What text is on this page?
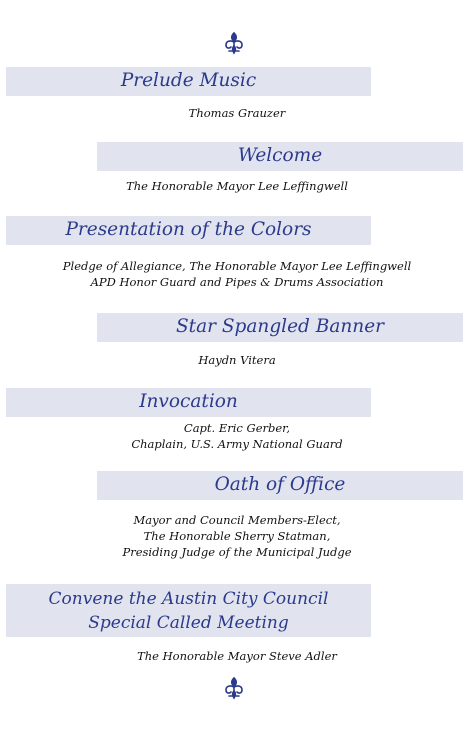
Prelude Music
Thomas Grauzer
Welcome
The Honorable Mayor Lee Leffingwell
Presentation of the Colors
Pledge of Allegiance, The Honorable Mayor Lee Leffingwell
APD Honor Guard and Pipes & Drums Association
Star Spangled Banner
Haydn Vitera
Invocation
Capt. Eric Gerber,
Chaplain, U.S. Army National Guard
Oath of Office
Mayor and Council Members-Elect,
The Honorable Sherry Statman,
Presiding Judge of the Municipal Judge
Convene the Austin City Council
Special Called Meeting
The Honorable Mayor Steve Adler
